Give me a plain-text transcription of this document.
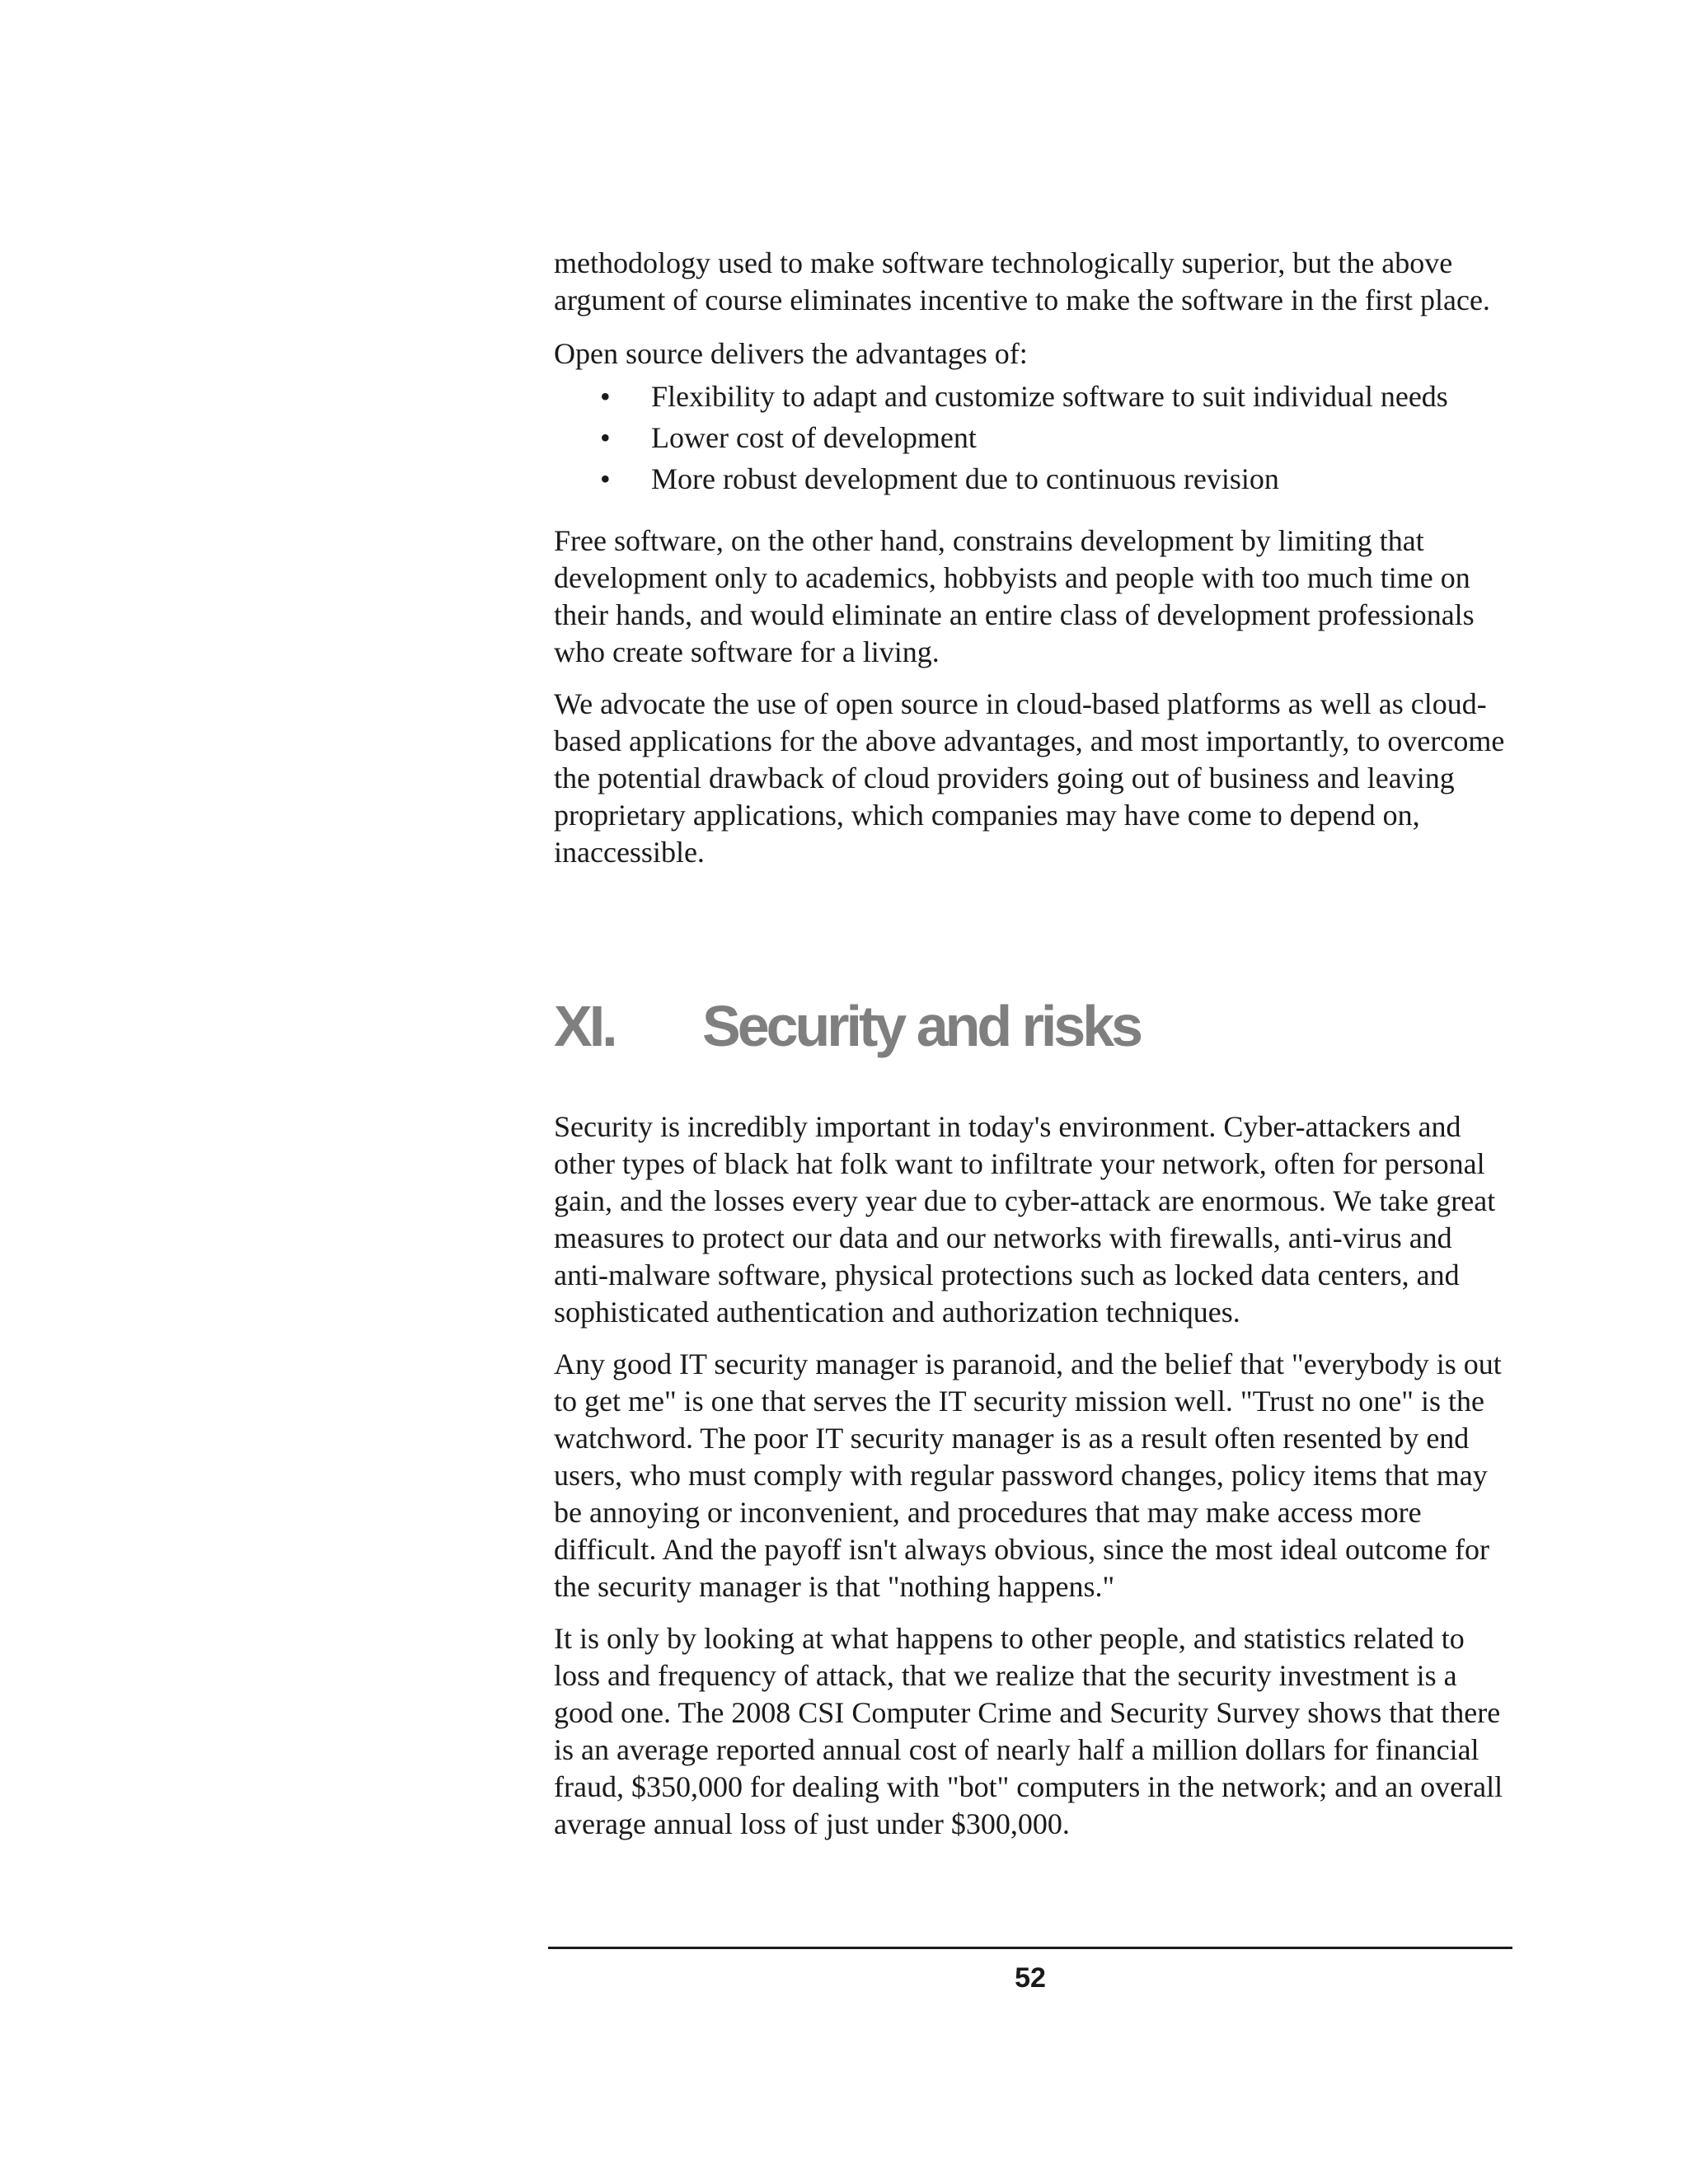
methodology used to make software technologically superior, but the above argument of course eliminates incentive to make the software in the first place.

Open source delivers the advantages of:

• Flexibility to adapt and customize software to suit individual needs
• Lower cost of development
• More robust development due to continuous revision

Free software, on the other hand, constrains development by limiting that development only to academics, hobbyists and people with too much time on their hands, and would eliminate an entire class of development professionals who create software for a living.

We advocate the use of open source in cloud-based platforms as well as cloud-based applications for the above advantages, and most importantly, to overcome the potential drawback of cloud providers going out of business and leaving proprietary applications, which companies may have come to depend on, inaccessible.

XI. Security and risks

Security is incredibly important in today's environment. Cyber-attackers and other types of black hat folk want to infiltrate your network, often for personal gain, and the losses every year due to cyber-attack are enormous. We take great measures to protect our data and our networks with firewalls, anti-virus and anti-malware software, physical protections such as locked data centers, and sophisticated authentication and authorization techniques.

Any good IT security manager is paranoid, and the belief that "everybody is out to get me" is one that serves the IT security mission well. "Trust no one" is the watchword. The poor IT security manager is as a result often resented by end users, who must comply with regular password changes, policy items that may be annoying or inconvenient, and procedures that may make access more difficult. And the payoff isn't always obvious, since the most ideal outcome for the security manager is that "nothing happens."

It is only by looking at what happens to other people, and statistics related to loss and frequency of attack, that we realize that the security investment is a good one. The 2008 CSI Computer Crime and Security Survey shows that there is an average reported annual cost of nearly half a million dollars for financial fraud, $350,000 for dealing with "bot" computers in the network; and an overall average annual loss of just under $300,000.

52
